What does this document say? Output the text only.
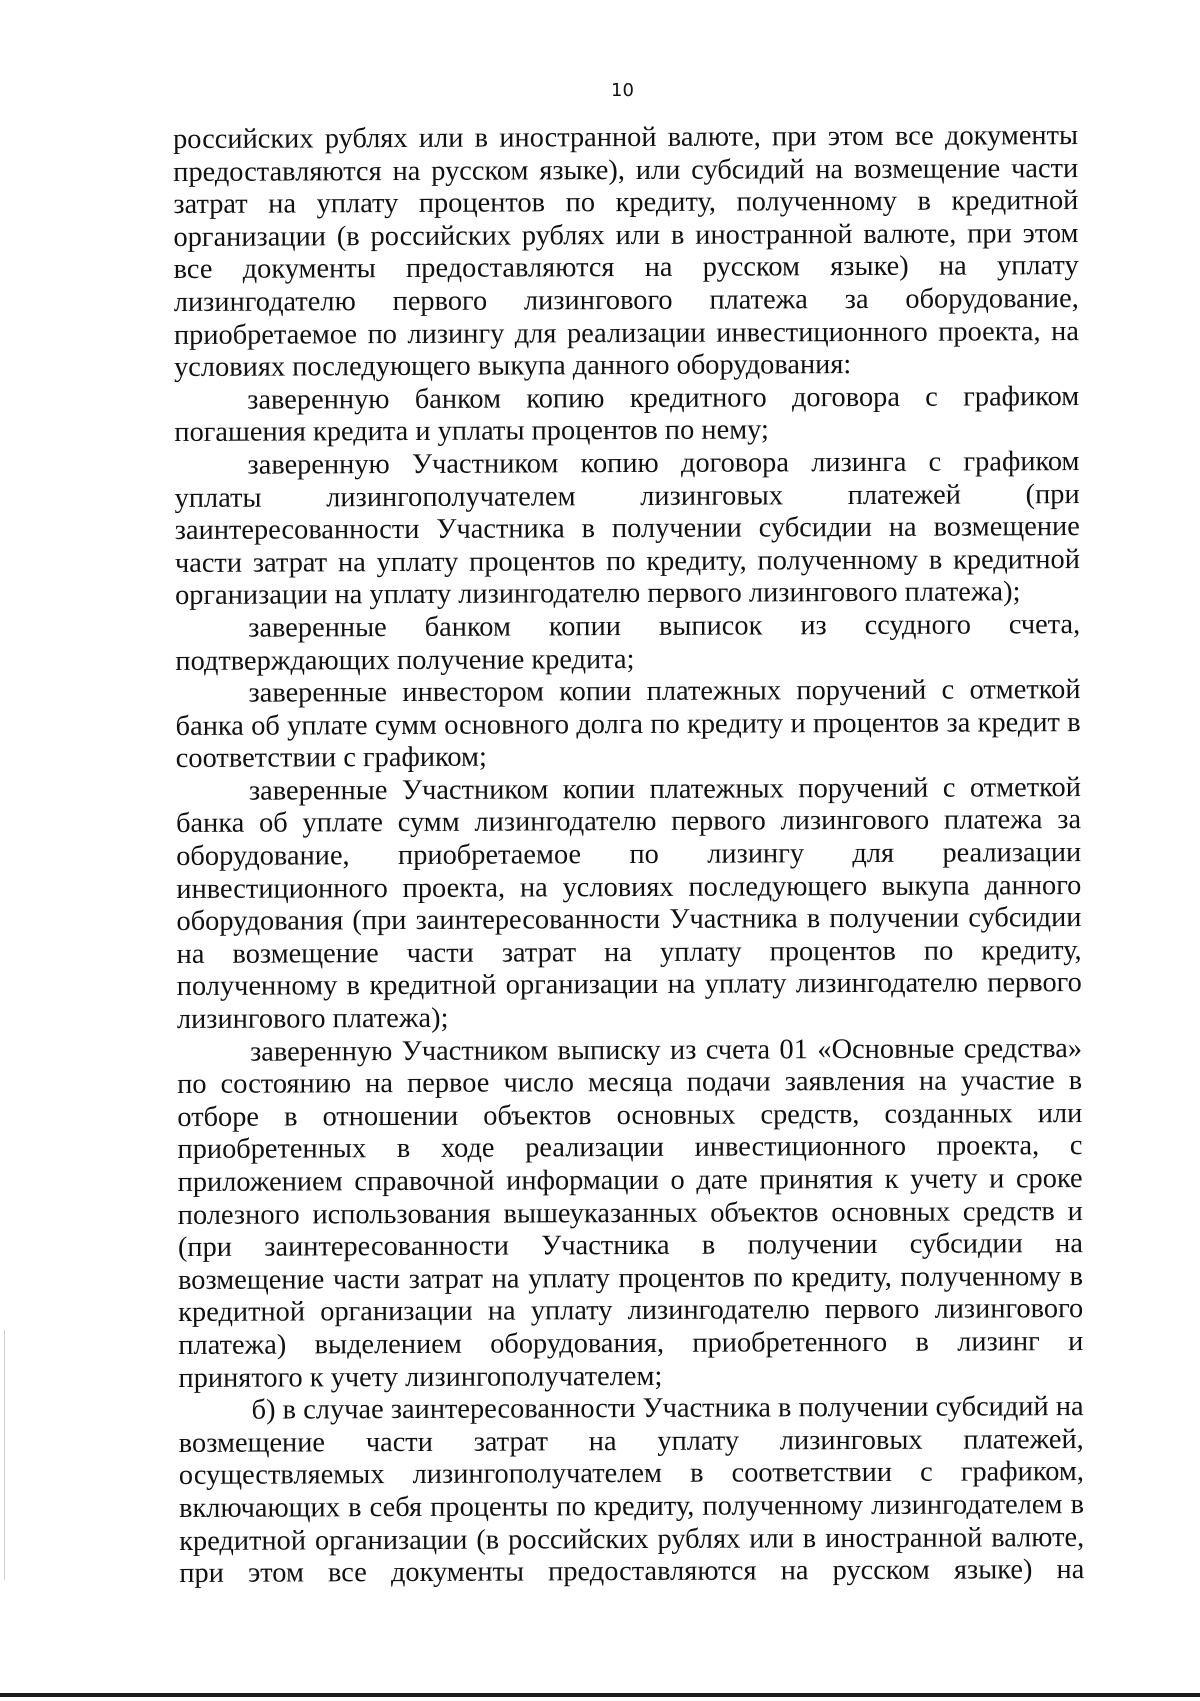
10

российских рублях или в иностранной валюте, при этом все документы предоставляются на русском языке), или субсидий на возмещение части затрат на уплату процентов по кредиту, полученному в кредитной организации (в российских рублях или в иностранной валюте, при этом все документы предоставляются на русском языке) на уплату лизингодателю первого лизингового платежа за оборудование, приобретаемое по лизингу для реализации инвестиционного проекта, на условиях последующего выкупа данного оборудования:

заверенную банком копию кредитного договора с графиком погашения кредита и уплаты процентов по нему;

заверенную Участником копию договора лизинга с графиком уплаты лизингополучателем лизинговых платежей (при заинтересованности Участника в получении субсидии на возмещение части затрат на уплату процентов по кредиту, полученному в кредитной организации на уплату лизингодателю первого лизингового платежа);

заверенные банком копии выписок из ссудного счета, подтверждающих получение кредита;

заверенные инвестором копии платежных поручений с отметкой банка об уплате сумм основного долга по кредиту и процентов за кредит в соответствии с графиком;

заверенные Участником копии платежных поручений с отметкой банка об уплате сумм лизингодателю первого лизингового платежа за оборудование, приобретаемое по лизингу для реализации инвестиционного проекта, на условиях последующего выкупа данного оборудования (при заинтересованности Участника в получении субсидии на возмещение части затрат на уплату процентов по кредиту, полученному в кредитной организации на уплату лизингодателю первого лизингового платежа);

заверенную Участником выписку из счета 01 «Основные средства» по состоянию на первое число месяца подачи заявления на участие в отборе в отношении объектов основных средств, созданных или приобретенных в ходе реализации инвестиционного проекта, с приложением справочной информации о дате принятия к учету и сроке полезного использования вышеуказанных объектов основных средств и (при заинтересованности Участника в получении субсидии на возмещение части затрат на уплату процентов по кредиту, полученному в кредитной организации на уплату лизингодателю первого лизингового платежа) выделением оборудования, приобретенного в лизинг и принятого к учету лизингополучателем;

б) в случае заинтересованности Участника в получении субсидий на возмещение части затрат на уплату лизинговых платежей, осуществляемых лизингополучателем в соответствии с графиком, включающих в себя проценты по кредиту, полученному лизингодателем в кредитной организации (в российских рублях или в иностранной валюте, при этом все документы предоставляются на русском языке) на
